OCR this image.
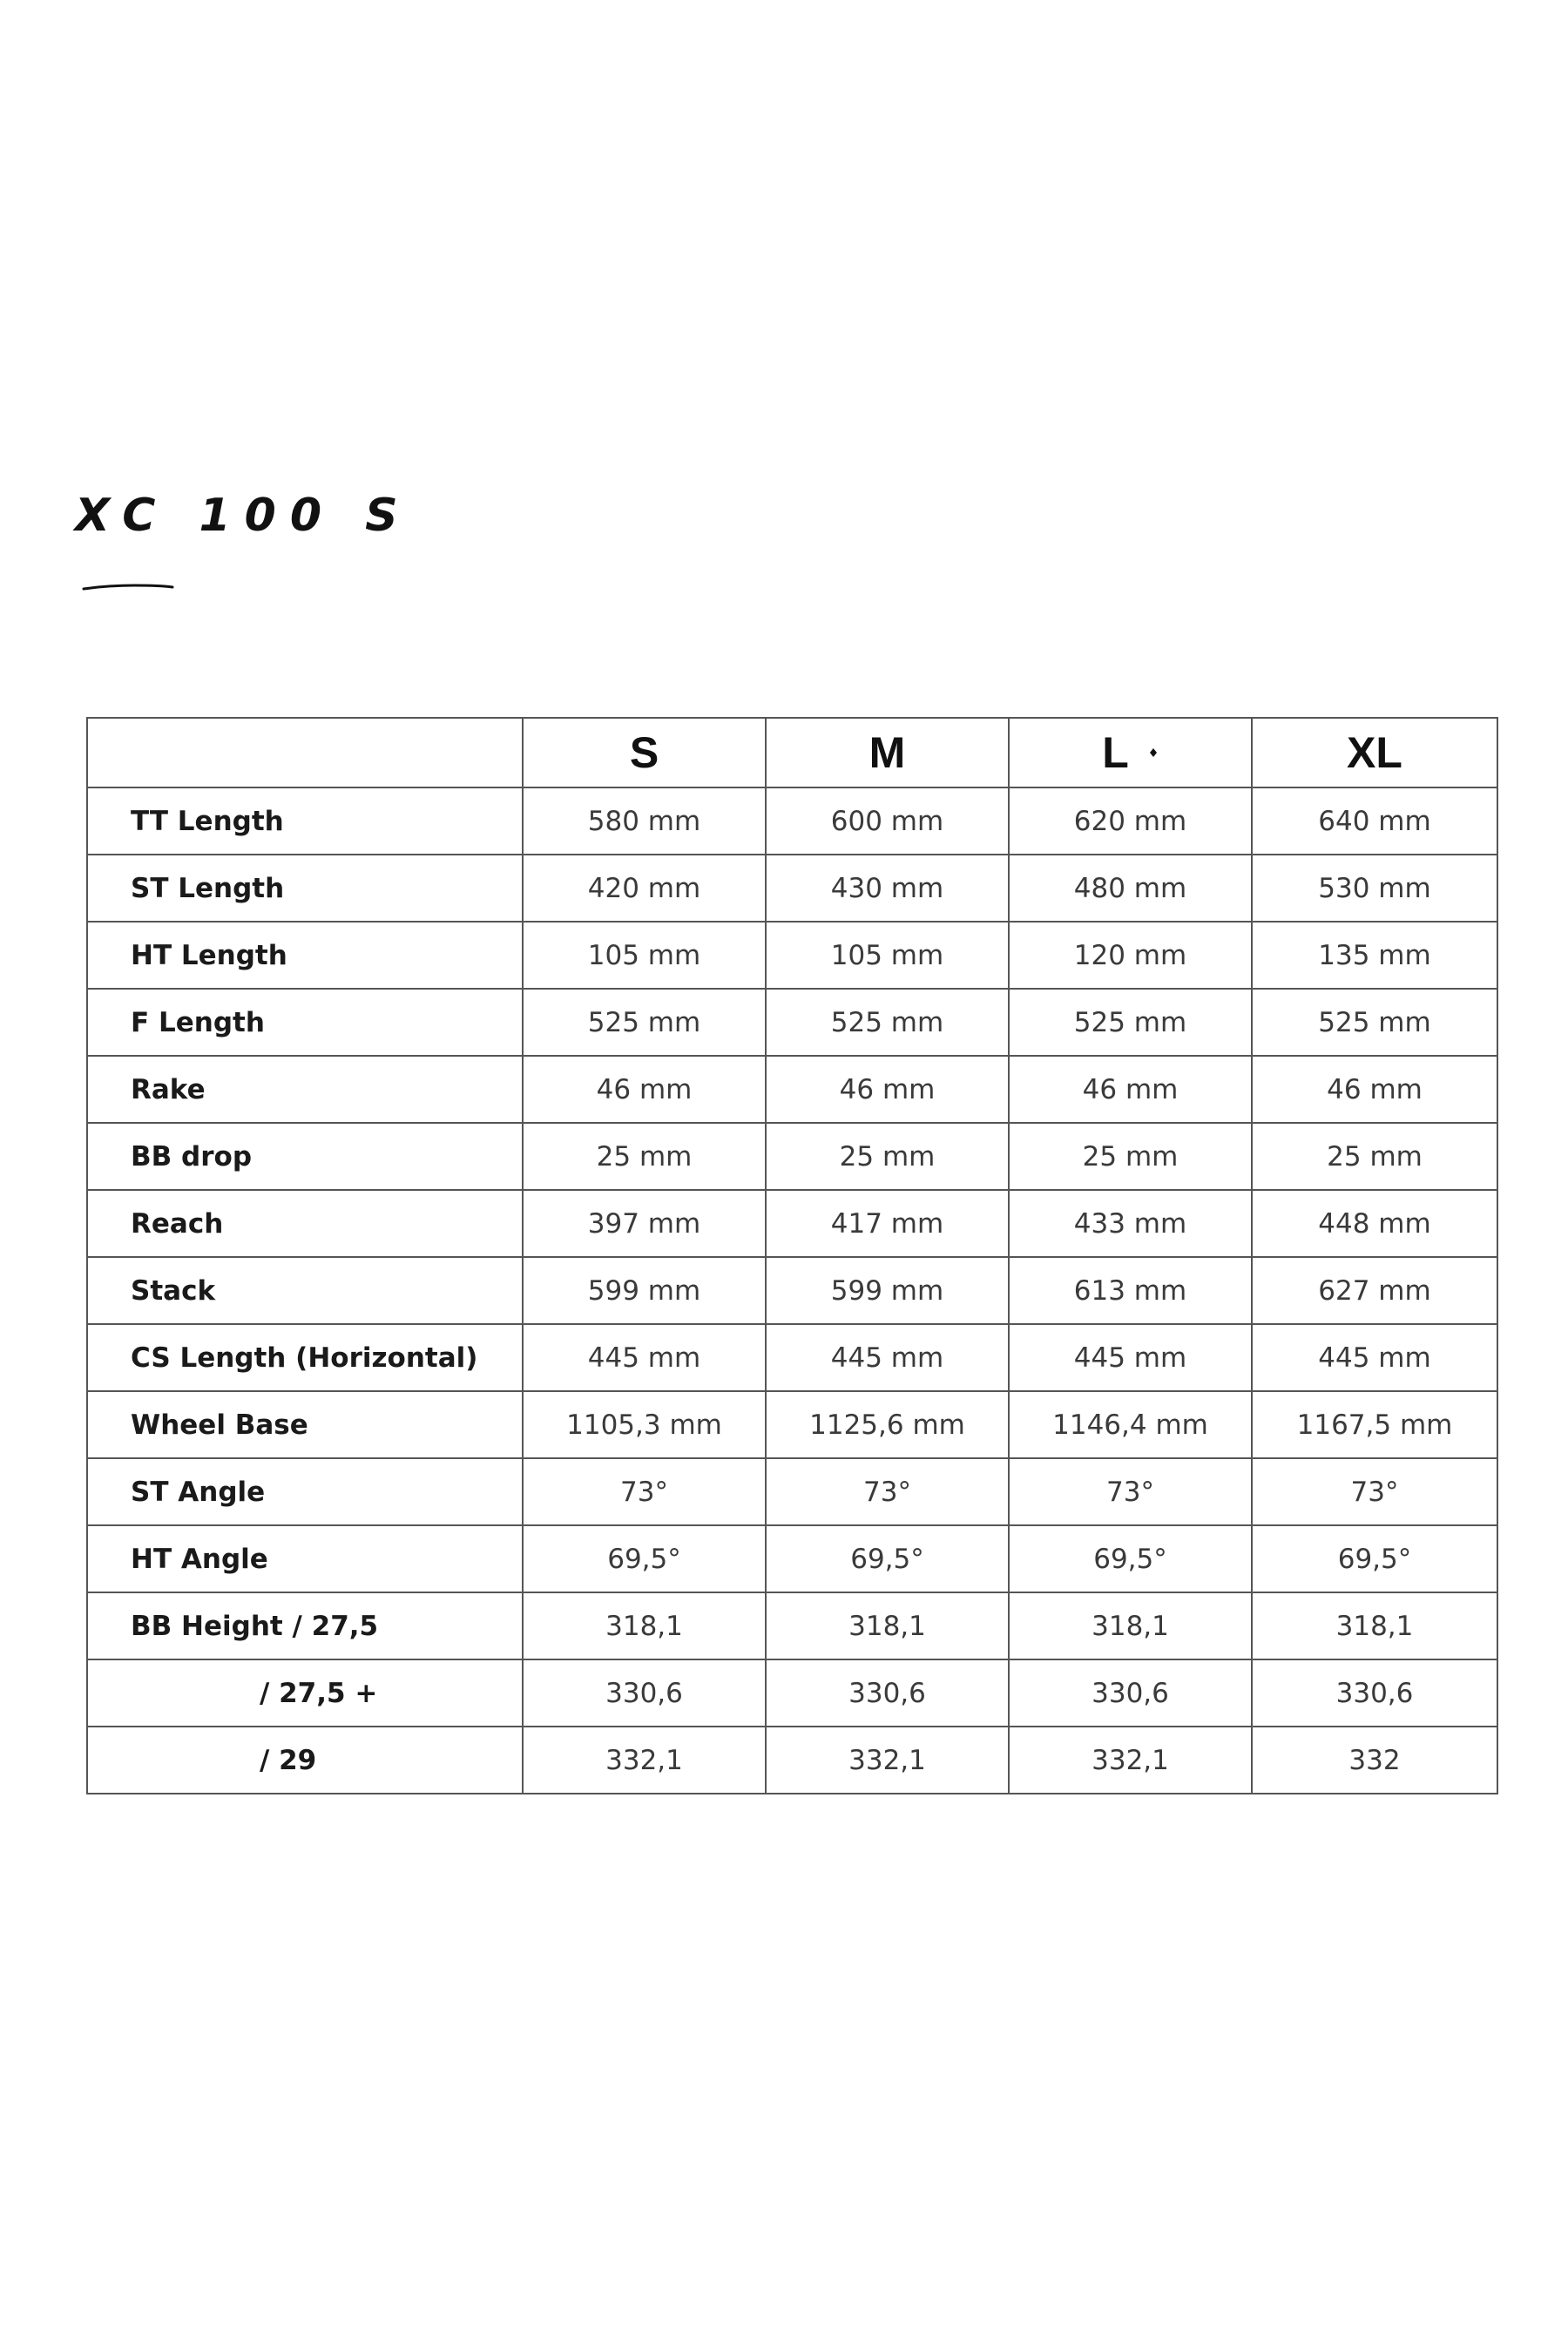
XC 100 S
	S	M	L	XL
TT Length	580 mm	600 mm	620 mm	640 mm
ST Length	420 mm	430 mm	480 mm	530 mm
HT Length	105 mm	105 mm	120 mm	135 mm
F Length	525 mm	525 mm	525 mm	525 mm
Rake	46 mm	46 mm	46 mm	46 mm
BB drop	25 mm	25 mm	25 mm	25 mm
Reach	397 mm	417 mm	433 mm	448 mm
Stack	599 mm	599 mm	613 mm	627 mm
CS Length (Horizontal)	445 mm	445 mm	445 mm	445 mm
Wheel Base	1105,3 mm	1125,6 mm	1146,4 mm	1167,5 mm
ST Angle	73°	73°	73°	73°
HT Angle	69,5°	69,5°	69,5°	69,5°
BB Height / 27,5	318,1	318,1	318,1	318,1
/ 27,5 +	330,6	330,6	330,6	330,6
/ 29	332,1	332,1	332,1	332
